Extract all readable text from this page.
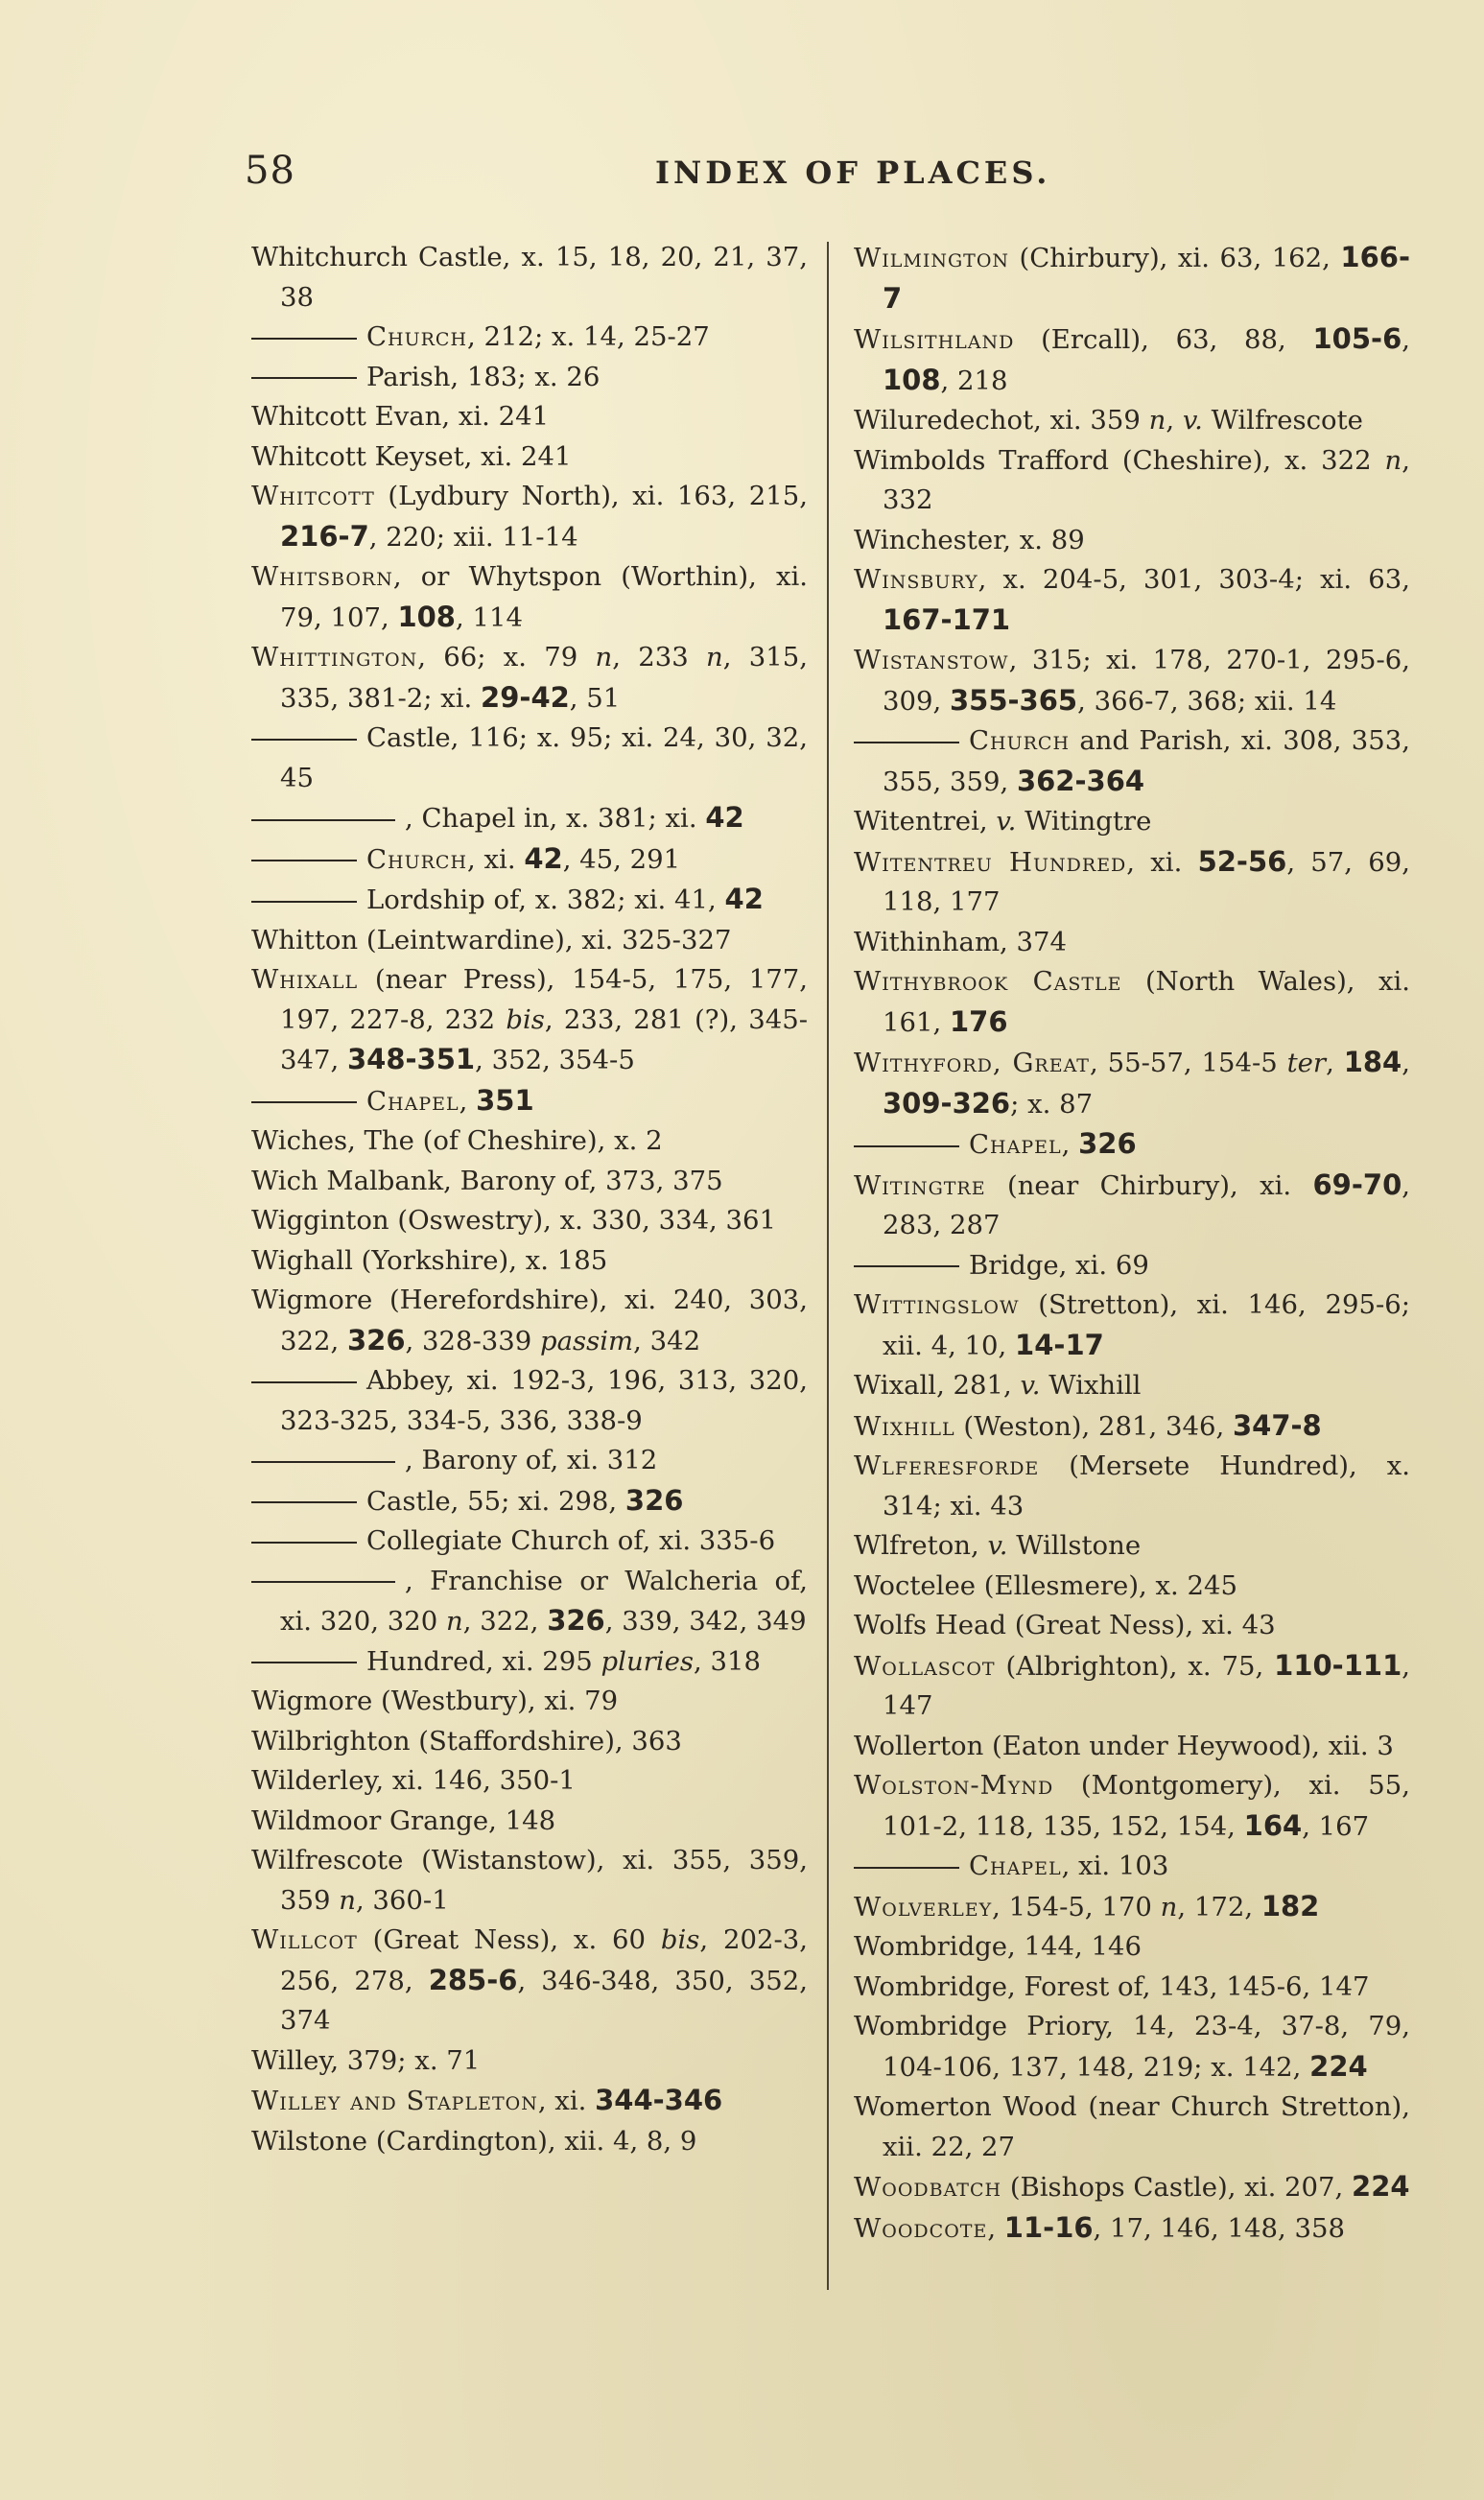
58	INDEX OF PLACES.

Whitchurch Castle, x. 15, 18, 20, 21, 37, 38

Church, 212; x. 14, 25-27

Parish, 183; x. 26

Whitcott Evan, xi. 241

Whitcott Keyset, xi. 241

Whitcott (Lydbury North), xi. 163, 215, 216-7, 220; xii. 11-14

Whitsborn, or Whytspon (Worthin), xi. 79, 107, 108, 114

Whittington, 66; x. 79 n, 233 n, 315, 335, 381-2; xi. 29-42, 51

Castle, 116; x. 95; xi. 24, 30, 32, 45

, Chapel in, x. 381; xi. 42

Church, xi. 42, 45, 291

Lordship of, x. 382; xi. 41, 42

Whitton (Leintwardine), xi. 325-327

Whixall (near Press), 154-5, 175, 177, 197, 227-8, 232 bis, 233, 281 (?), 345-347, 348-351, 352, 354-5

Chapel, 351

Wiches, The (of Cheshire), x. 2

Wich Malbank, Barony of, 373, 375

Wigginton (Oswestry), x. 330, 334, 361

Wighall (Yorkshire), x. 185

Wigmore (Herefordshire), xi. 240, 303, 322, 326, 328-339 passim, 342

Abbey, xi. 192-3, 196, 313, 320, 323-325, 334-5, 336, 338-9

, Barony of, xi. 312

Castle, 55; xi. 298, 326

Collegiate Church of, xi. 335-6

, Franchise or Walcheria of, xi. 320, 320 n, 322, 326, 339, 342, 349

Hundred, xi. 295 pluries, 318

Wigmore (Westbury), xi. 79

Wilbrighton (Staffordshire), 363

Wilderley, xi. 146, 350-1

Wildmoor Grange, 148

Wilfrescote (Wistanstow), xi. 355, 359, 359 n, 360-1

Willcot (Great Ness), x. 60 bis, 202-3, 256, 278, 285-6, 346-348, 350, 352, 374

Willey, 379; x. 71

Willey and Stapleton, xi. 344-346

Wilstone (Cardington), xii. 4, 8, 9

Wilmington (Chirbury), xi. 63, 162, 166-7

Wilsithland (Ercall), 63, 88, 105-6, 108, 218

Wiluredechot, xi. 359 n, v. Wilfrescote

Wimbolds Trafford (Cheshire), x. 322 n, 332

Winchester, x. 89

Winsbury, x. 204-5, 301, 303-4; xi. 63, 167-171

Wistanstow, 315; xi. 178, 270-1, 295-6, 309, 355-365, 366-7, 368; xii. 14

Church and Parish, xi. 308, 353, 355, 359, 362-364

Witentrei, v. Witingtre

Witentreu Hundred, xi. 52-56, 57, 69, 118, 177

Withinham, 374

Withybrook Castle (North Wales), xi. 161, 176

Withyford, Great, 55-57, 154-5 ter, 184, 309-326; x. 87

Chapel, 326

Witingtre (near Chirbury), xi. 69-70, 283, 287

Bridge, xi. 69

Wittingslow (Stretton), xi. 146, 295-6; xii. 4, 10, 14-17

Wixall, 281, v. Wixhill

Wixhill (Weston), 281, 346, 347-8

Wlferesforde (Mersete Hundred), x. 314; xi. 43

Wlfreton, v. Willstone

Woctelee (Ellesmere), x. 245

Wolfs Head (Great Ness), xi. 43

Wollascot (Albrighton), x. 75, 110-111, 147

Wollerton (Eaton under Heywood), xii. 3

Wolston-Mynd (Montgomery), xi. 55, 101-2, 118, 135, 152, 154, 164, 167

Chapel, xi. 103

Wolverley, 154-5, 170 n, 172, 182

Wombridge, 144, 146

Wombridge, Forest of, 143, 145-6, 147

Wombridge Priory, 14, 23-4, 37-8, 79, 104-106, 137, 148, 219; x. 142, 224

Womerton Wood (near Church Stretton), xii. 22, 27

Woodbatch (Bishops Castle), xi. 207, 224

Woodcote, 11-16, 17, 146, 148, 358
